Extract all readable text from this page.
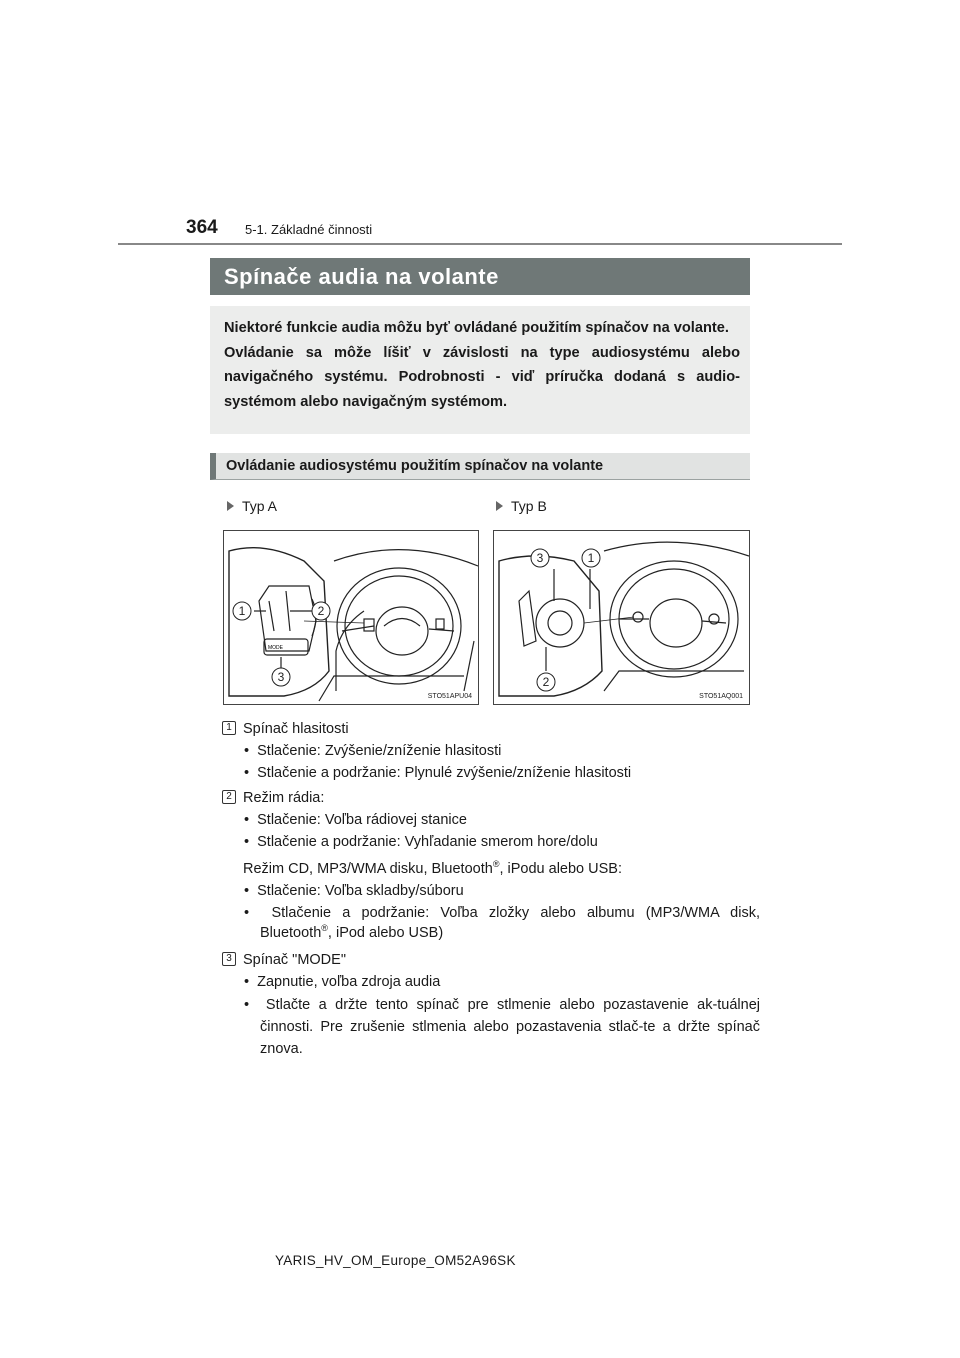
364 5-1. Základné činnosti
Spínače audia na volante

Niektoré funkcie audia môžu byť ovládané použitím spínačov na volante.

Ovládanie sa môže líšiť v závislosti na type audiosystému alebo navigačného systému. Podrobnosti - viď príručka dodaná s audio-systémom alebo navigačným systémom.

Ovládanie audiosystému použitím spínačov na volante
Typ A	Typ B
MODE
1	2
3
STO51APU04
3	1
2
STO51AQ001
1 Spínač hlasitosti
• Stlačenie: Zvýšenie/zníženie hlasitosti
• Stlačenie a podržanie: Plynulé zvýšenie/zníženie hlasitosti
2 Režim rádia:
• Stlačenie: Voľba rádiovej stanice
• Stlačenie a podržanie: Vyhľadanie smerom hore/dolu
Režim CD, MP3/WMA disku, Bluetooth®, iPodu alebo USB:
• Stlačenie: Voľba skladby/súboru
• Stlačenie a podržanie: Voľba zložky alebo albumu (MP3/WMA disk, Bluetooth®, iPod alebo USB)
3 Spínač "MODE"
• Zapnutie, voľba zdroja audia
• Stlačte a držte tento spínač pre stlmenie alebo pozastavenie ak-tuálnej činnosti. Pre zrušenie stlmenia alebo pozastavenia stlač-te a držte spínač znova.
YARIS_HV_OM_Europe_OM52A96SK
